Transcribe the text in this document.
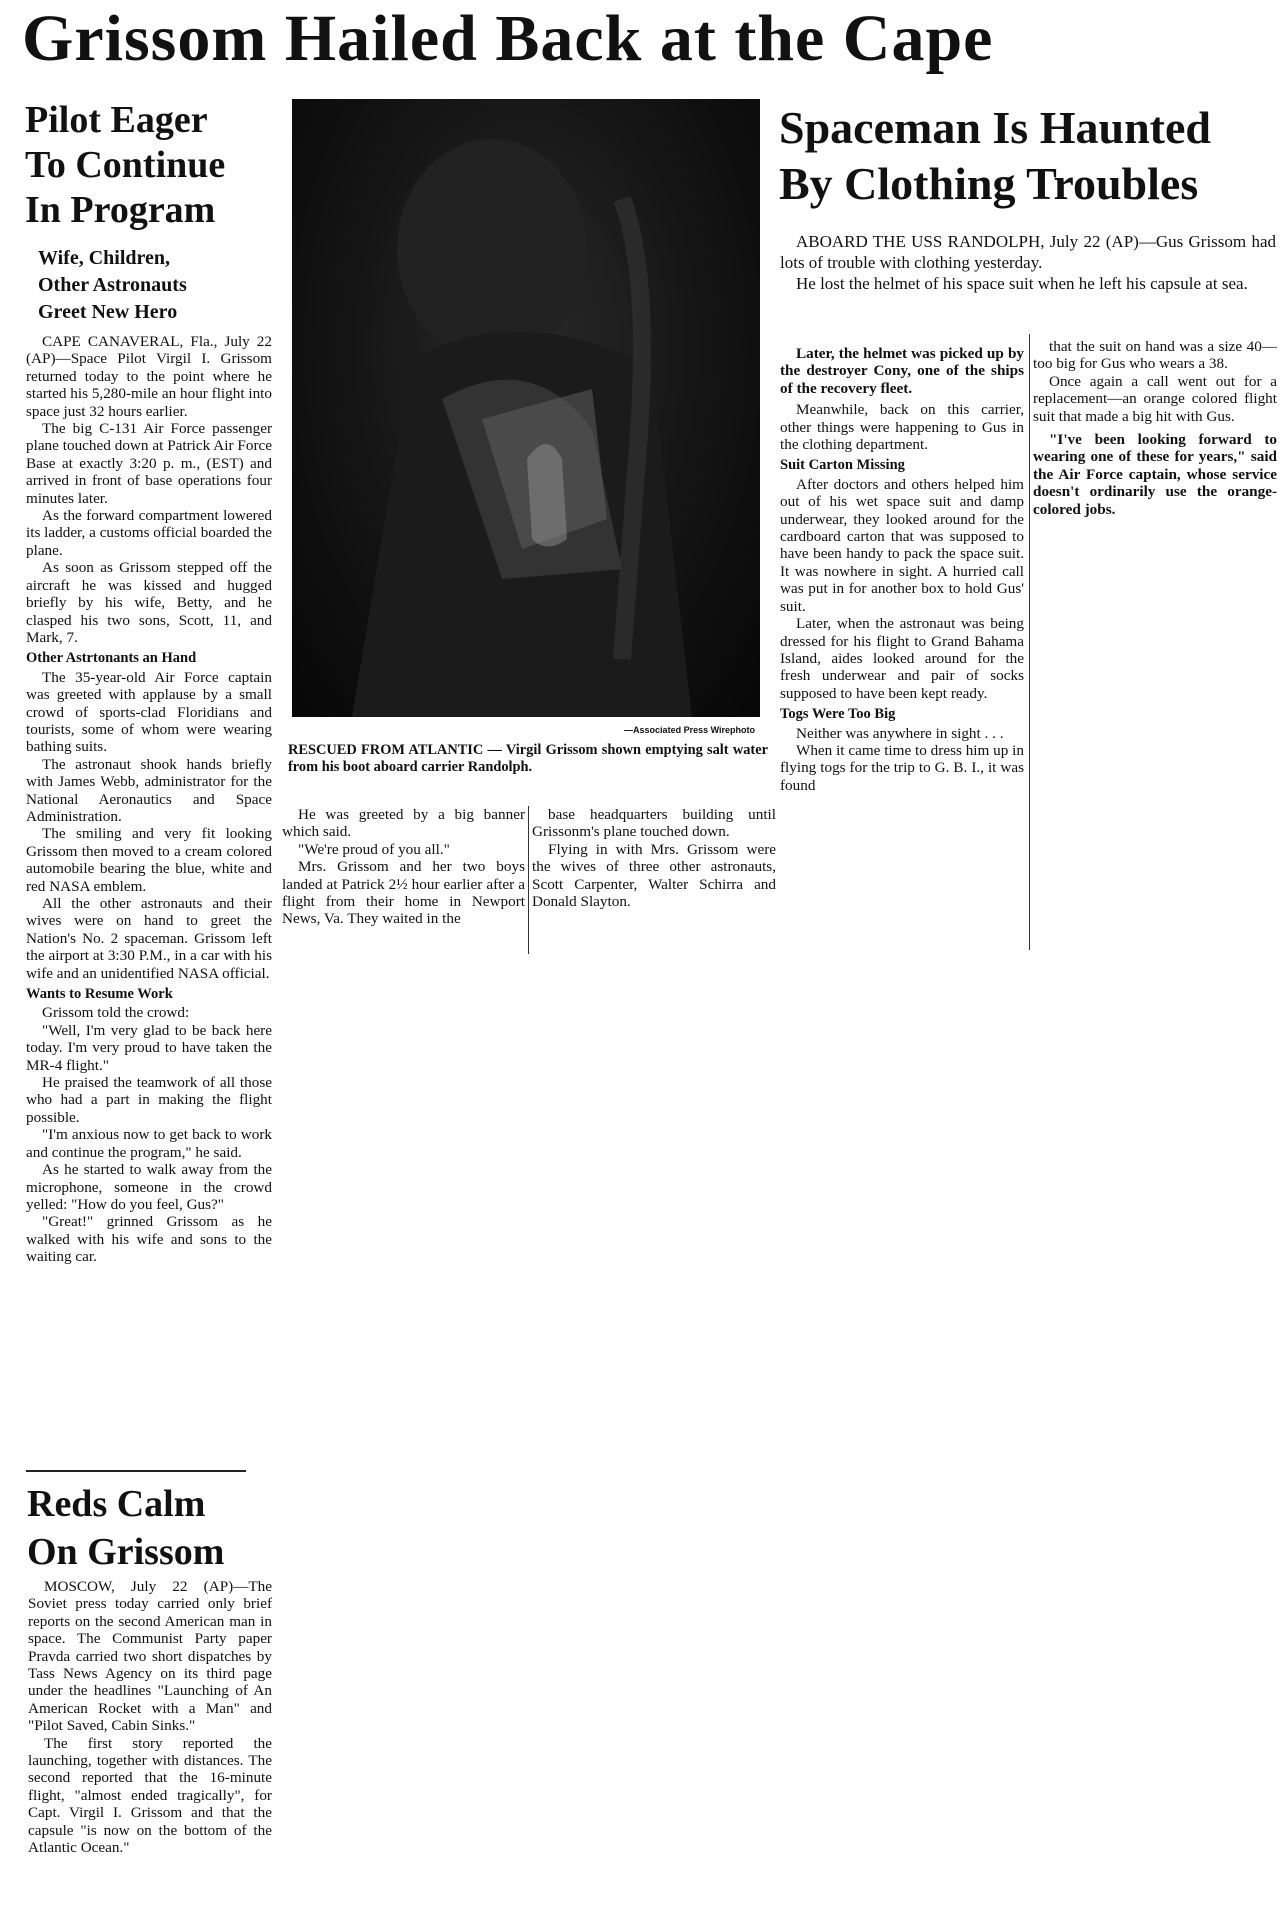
Grissom Hailed Back at the Cape
Pilot Eager
To Continue
In Program
Wife, Children,
Other Astronauts
Greet New Hero

CAPE CANAVERAL, Fla., July 22 (AP)—Space Pilot Virgil I. Grissom returned today to the point where he started his 5,280-mile an hour flight into space just 32 hours earlier.

The big C-131 Air Force passenger plane touched down at Patrick Air Force Base at exactly 3:20 p. m., (EST) and arrived in front of base operations four minutes later.

As the forward compartment lowered its ladder, a customs official boarded the plane.

As soon as Grissom stepped off the aircraft he was kissed and hugged briefly by his wife, Betty, and he clasped his two sons, Scott, 11, and Mark, 7.

Other Astrtonants an Hand

The 35-year-old Air Force captain was greeted with applause by a small crowd of sports-clad Floridians and tourists, some of whom were wearing bathing suits.

The astronaut shook hands briefly with James Webb, administrator for the National Aeronautics and Space Administration.

The smiling and very fit looking Grissom then moved to a cream colored automobile bearing the blue, white and red NASA emblem.

All the other astronauts and their wives were on hand to greet the Nation's No. 2 spaceman. Grissom left the airport at 3:30 P.M., in a car with his wife and an unidentified NASA official.

Wants to Resume Work

Grissom told the crowd:

"Well, I'm very glad to be back here today. I'm very proud to have taken the MR-4 flight."

He praised the teamwork of all those who had a part in making the flight possible.

"I'm anxious now to get back to work and continue the program," he said.

As he started to walk away from the microphone, someone in the crowd yelled: "How do you feel, Gus?"

"Great!" grinned Grissom as he walked with his wife and sons to the waiting car.

Reds Calm
On Grissom

MOSCOW, July 22 (AP)—The Soviet press today carried only brief reports on the second American man in space. The Communist Party paper Pravda carried two short dispatches by Tass News Agency on its third page under the headlines "Launching of An American Rocket with a Man" and "Pilot Saved, Cabin Sinks."

The first story reported the launching, together with distances. The second reported that the 16-minute flight, "almost ended tragically", for Capt. Virgil I. Grissom and that the capsule "is now on the bottom of the Atlantic Ocean."

—Associated Press Wirephoto

RESCUED FROM ATLANTIC — Virgil Grissom shown emptying salt water from his boot aboard carrier Randolph.

He was greeted by a big banner which said.

"We're proud of you all."

Mrs. Grissom and her two boys landed at Patrick 2½ hour earlier after a flight from their home in Newport News, Va. They waited in the

base headquarters building until Grissonm's plane touched down.

Flying in with Mrs. Grissom were the wives of three other astronauts, Scott Carpenter, Walter Schirra and Donald Slayton.

Spaceman Is Haunted
By Clothing Troubles

ABOARD THE USS RANDOLPH, July 22 (AP)—Gus Grissom had lots of trouble with clothing yesterday.

He lost the helmet of his space suit when he left his capsule at sea.

Later, the helmet was picked up by the destroyer Cony, one of the ships of the recovery fleet.

Meanwhile, back on this carrier, other things were happening to Gus in the clothing department.

Suit Carton Missing

After doctors and others helped him out of his wet space suit and damp underwear, they looked around for the cardboard carton that was supposed to have been handy to pack the space suit. It was nowhere in sight. A hurried call was put in for another box to hold Gus' suit.

Later, when the astronaut was being dressed for his flight to Grand Bahama Island, aides looked around for the fresh underwear and pair of socks supposed to have been kept ready.

Togs Were Too Big

Neither was anywhere in sight . . .

When it came time to dress him up in flying togs for the trip to G. B. I., it was found

that the suit on hand was a size 40—too big for Gus who wears a 38.

Once again a call went out for a replacement—an orange colored flight suit that made a big hit with Gus.

"I've been looking forward to wearing one of these for years," said the Air Force captain, whose service doesn't ordinarily use the orange-colored jobs.
